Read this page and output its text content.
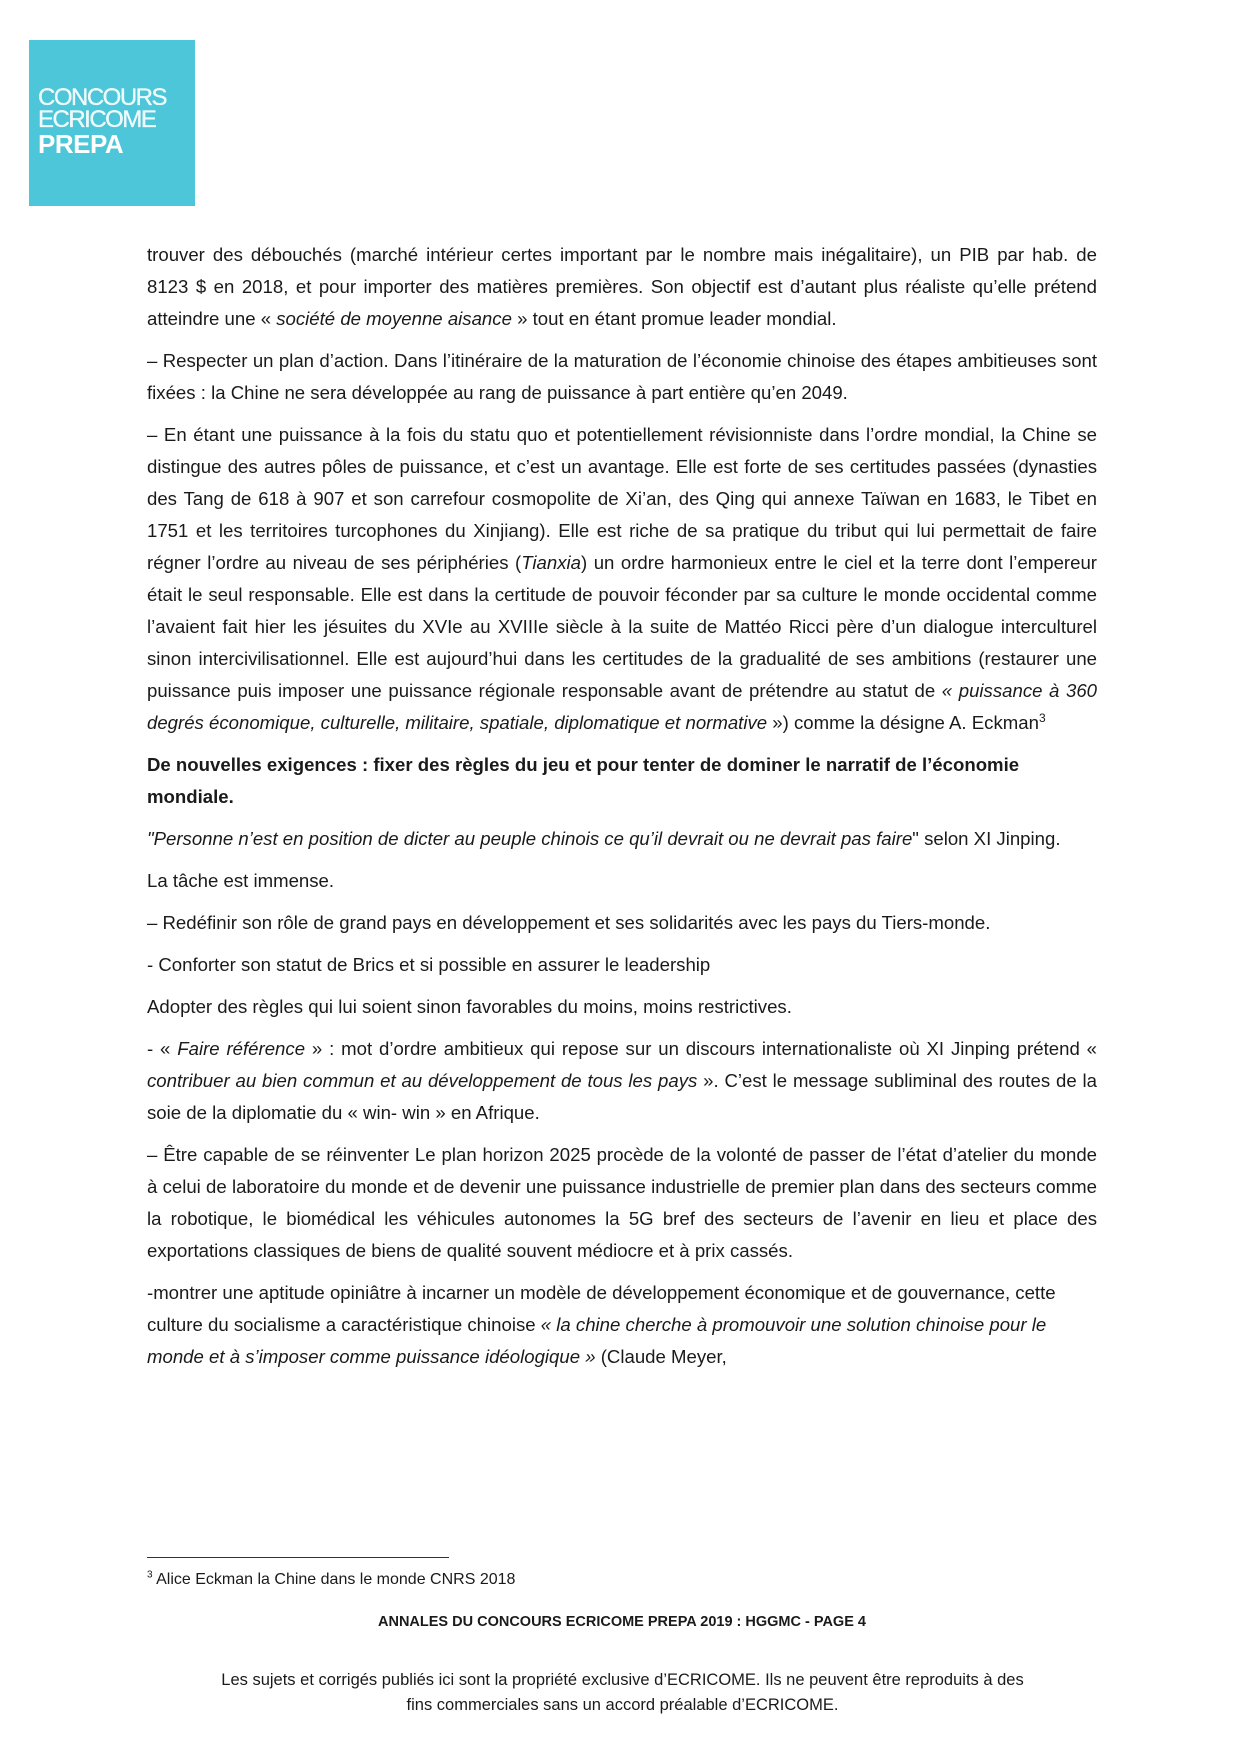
CONCOURS
ECRICOME
PREPA

trouver des débouchés (marché intérieur certes important par le nombre mais inégalitaire), un PIB par hab. de 8123 $ en 2018, et pour importer des matières premières. Son objectif est d’autant plus réaliste qu’elle prétend atteindre une « société de moyenne aisance » tout en étant promue leader mondial.

– Respecter un plan d’action. Dans l’itinéraire de la maturation de l’économie chinoise des étapes ambitieuses sont fixées : la Chine ne sera développée au rang de puissance à part entière qu’en 2049.

– En étant une puissance à la fois du statu quo et potentiellement révisionniste dans l’ordre mondial, la Chine se distingue des autres pôles de puissance, et c’est un avantage. Elle est forte de ses certitudes passées (dynasties des Tang de 618 à 907 et son carrefour cosmopolite de Xi’an, des Qing qui annexe Taïwan en 1683, le Tibet en 1751 et les territoires turcophones du Xinjiang). Elle est riche de sa pratique du tribut qui lui permettait de faire régner l’ordre au niveau de ses périphéries (Tianxia) un ordre harmonieux entre le ciel et la terre dont l’empereur était le seul responsable. Elle est dans la certitude de pouvoir féconder par sa culture le monde occidental comme l’avaient fait hier les jésuites du XVIe au XVIIIe siècle à la suite de Mattéo Ricci père d’un dialogue interculturel sinon intercivilisationnel. Elle est aujourd’hui dans les certitudes de la gradualité de ses ambitions (restaurer une puissance puis imposer une puissance régionale responsable avant de prétendre au statut de « puissance à 360 degrés économique, culturelle, militaire, spatiale, diplomatique et normative ») comme la désigne A. Eckman$^3$

De nouvelles exigences : fixer des règles du jeu et pour tenter de dominer le narratif de l’économie mondiale.

"Personne n’est en position de dicter au peuple chinois ce qu’il devrait ou ne devrait pas faire" selon XI Jinping.

La tâche est immense.

– Redéfinir son rôle de grand pays en développement et ses solidarités avec les pays du Tiers-monde.

- Conforter son statut de Brics et si possible en assurer le leadership

Adopter des règles qui lui soient sinon favorables du moins, moins restrictives.

- « Faire référence » : mot d’ordre ambitieux qui repose sur un discours internationaliste où XI Jinping prétend « contribuer au bien commun et au développement de tous les pays ». C’est le message subliminal des routes de la soie de la diplomatie du « win- win » en Afrique.

– Être capable de se réinventer Le plan horizon 2025 procède de la volonté de passer de l’état d’atelier du monde à celui de laboratoire du monde et de devenir une puissance industrielle de premier plan dans des secteurs comme la robotique, le biomédical les véhicules autonomes la 5G bref des secteurs de l’avenir en lieu et place des exportations classiques de biens de qualité souvent médiocre et à prix cassés.

-montrer une aptitude opiniâtre à incarner un modèle de développement économique et de gouvernance, cette culture du socialisme a caractéristique chinoise « la chine cherche à promouvoir une solution chinoise pour le monde et à s’imposer comme puissance idéologique » (Claude Meyer,

$^3$ Alice Eckman la Chine dans le monde CNRS 2018
ANNALES DU CONCOURS ECRICOME PREPA 2019 : HGGMC - PAGE 4
Les sujets et corrigés publiés ici sont la propriété exclusive d’ECRICOME. Ils ne peuvent être reproduits à des
fins commerciales sans un accord préalable d’ECRICOME.
